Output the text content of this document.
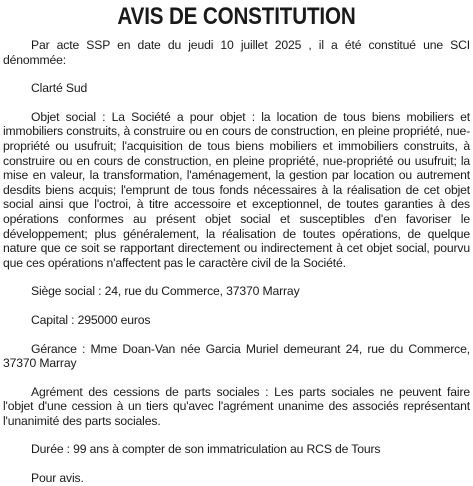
AVIS DE CONSTITUTION

Par acte SSP en date du jeudi 10 juillet 2025 , il a été constitué une SCI dénommée:

Clarté Sud

Objet social : La Société a pour objet : la location de tous biens mobiliers et immobiliers construits, à construire ou en cours de construction, en pleine propriété, nue-propriété ou usufruit; l'acquisition de tous biens mobiliers et immobiliers construits, à construire ou en cours de construction, en pleine propriété, nue-propriété ou usufruit; la mise en valeur, la transformation, l'aménagement, la gestion par location ou autrement desdits biens acquis; l'emprunt de tous fonds nécessaires à la réalisation de cet objet social ainsi que l'octroi, à titre accessoire et exceptionnel, de toutes garanties à des opérations conformes au présent objet social et susceptibles d'en favoriser le développement; plus généralement, la réalisation de toutes opérations, de quelque nature que ce soit se rapportant directement ou indirectement à cet objet social, pourvu que ces opérations n'affectent pas le caractère civil de la Société.

Siège social : 24, rue du Commerce, 37370 Marray

Capital : 295000 euros

Gérance : Mme Doan-Van née Garcia Muriel demeurant 24, rue du Commerce, 37370 Marray

Agrément des cessions de parts sociales : Les parts sociales ne peuvent faire l'objet d'une cession à un tiers qu'avec l'agrément unanime des associés représentant l'unanimité des parts sociales.

Durée : 99 ans à compter de son immatriculation au RCS de Tours

Pour avis.
